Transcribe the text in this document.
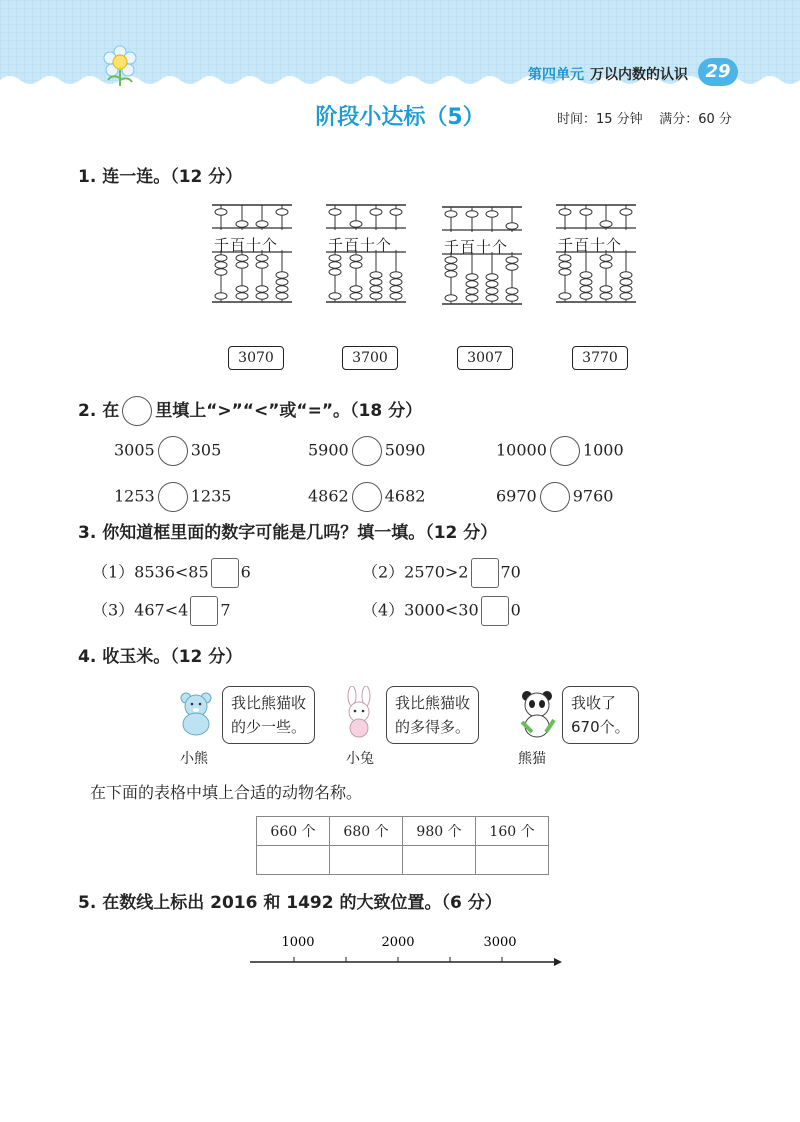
第四单元 万以内数的认识 29
阶段小达标（5）	时间：15 分钟 满分：60 分
1. 连一连。（12 分）
千百十个	千百十个	千百十个	千百十个
3070	3700	3007	3770
2. 在 里填上“>”“<”或“=”。（18 分）
3005 305	5900 5090	10000 1000
1253 1235	4862 4682	6970 9760
3. 你知道框里面的数字可能是几吗？填一填。（12 分）
（1）8536<85 6	（2）2570>2 70
（3）467<4 7	（4）3000<30 0
4. 收玉米。（12 分）
我比熊猫收
的少一些。
小熊
我比熊猫收
的多得多。
小兔
我收了
670个。
熊猫
在下面的表格中填上合适的动物名称。
660 个	680 个	980 个	160 个

5. 在数线上标出 2016 和 1492 的大致位置。（6 分）
1000	2000	3000
